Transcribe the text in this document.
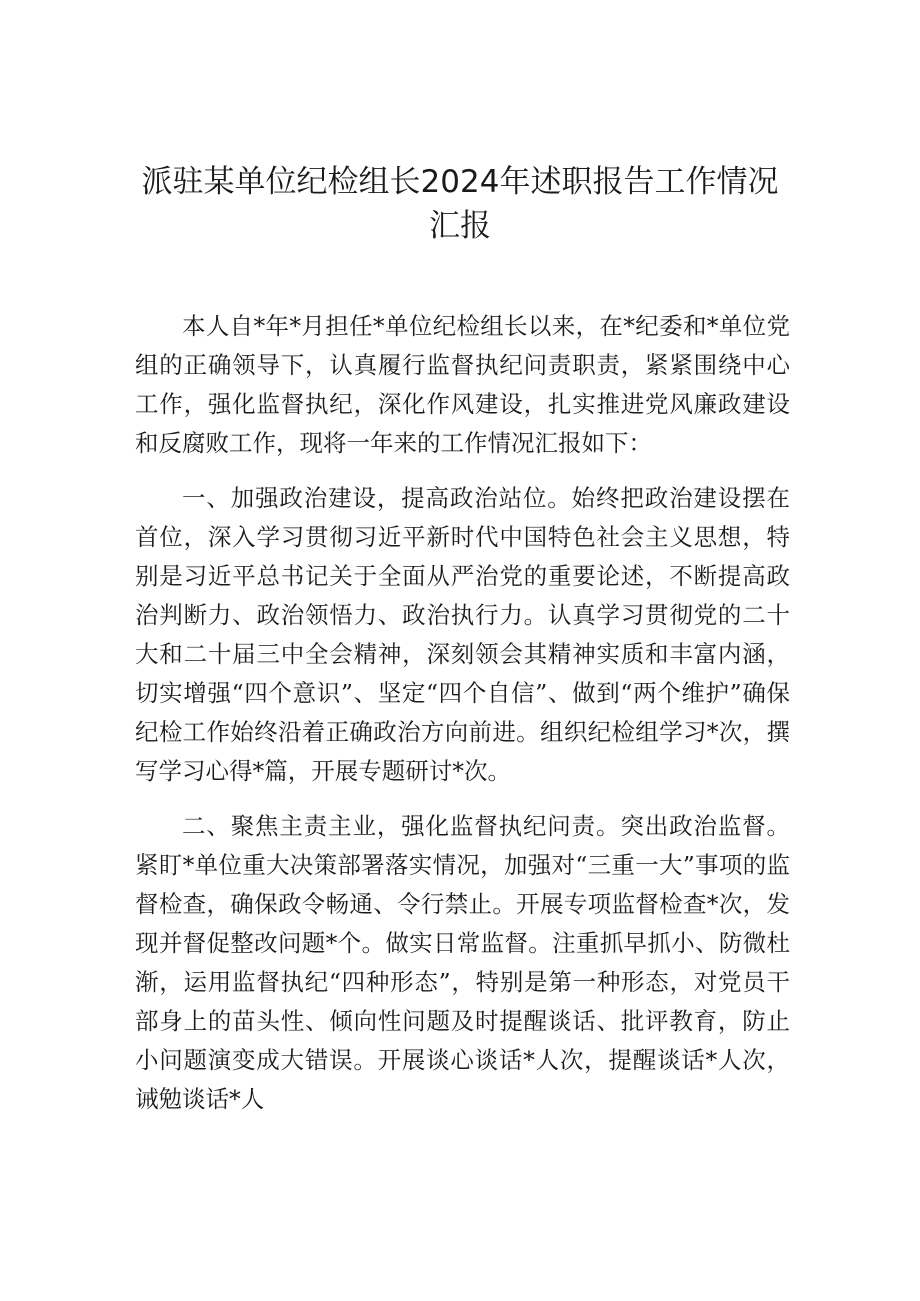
派驻某单位纪检组长2024年述职报告工作情况汇报

本人自*年*月担任*单位纪检组长以来，在*纪委和*单位党组的正确领导下，认真履行监督执纪问责职责，紧紧围绕中心工作，强化监督执纪，深化作风建设，扎实推进党风廉政建设和反腐败工作，现将一年来的工作情况汇报如下：

一、加强政治建设，提高政治站位。始终把政治建设摆在首位，深入学习贯彻习近平新时代中国特色社会主义思想，特别是习近平总书记关于全面从严治党的重要论述，不断提高政治判断力、政治领悟力、政治执行力。认真学习贯彻党的二十大和二十届三中全会精神，深刻领会其精神实质和丰富内涵，切实增强“四个意识”、坚定“四个自信”、做到“两个维护”确保纪检工作始终沿着正确政治方向前进。组织纪检组学习*次，撰写学习心得*篇，开展专题研讨*次。

二、聚焦主责主业，强化监督执纪问责。突出政治监督。紧盯*单位重大决策部署落实情况，加强对“三重一大”事项的监督检查，确保政令畅通、令行禁止。开展专项监督检查*次，发现并督促整改问题*个。做实日常监督。注重抓早抓小、防微杜渐，运用监督执纪“四种形态”，特别是第一种形态，对党员干部身上的苗头性、倾向性问题及时提醒谈话、批评教育，防止小问题演变成大错误。开展谈心谈话*人次，提醒谈话*人次，诫勉谈话*人
